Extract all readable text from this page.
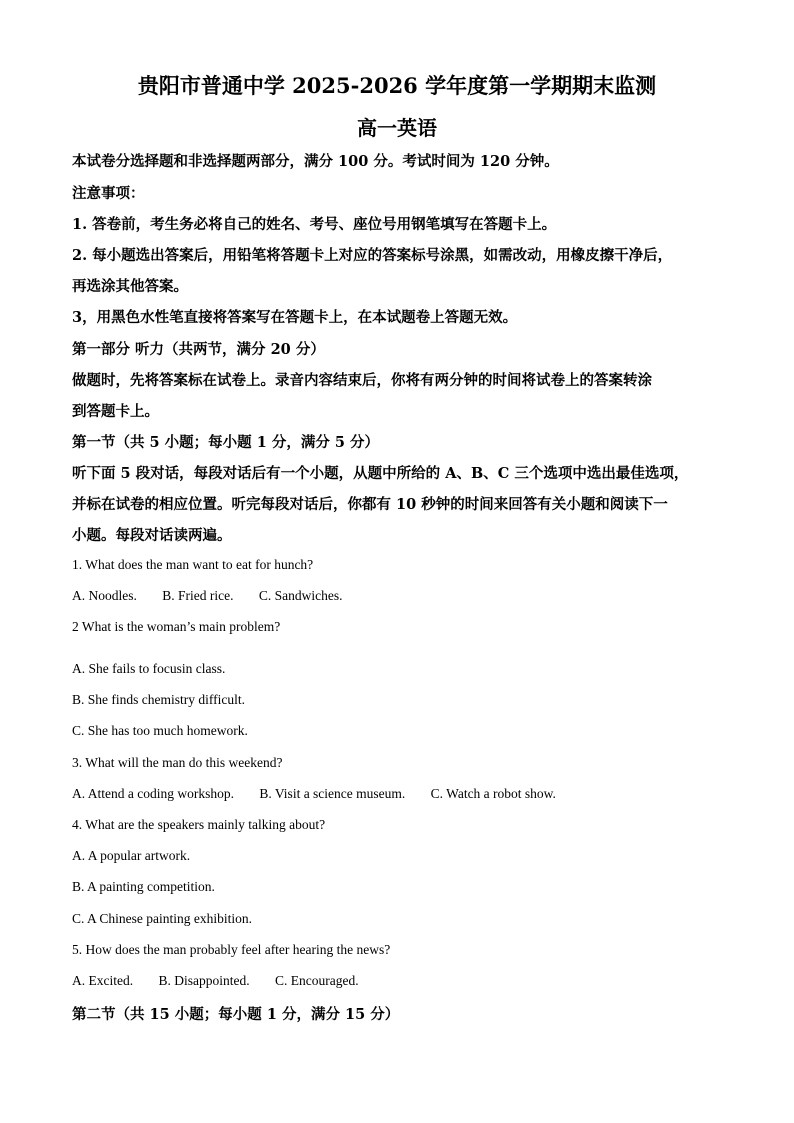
贵阳市普通中学 2025-2026 学年度第一学期期末监测
高一英语
本试卷分选择题和非选择题两部分，满分 100 分。考试时间为 120 分钟。
注意事项：
1. 答卷前，考生务必将自己的姓名、考号、座位号用钢笔填写在答题卡上。
2. 每小题选出答案后，用铅笔将答题卡上对应的答案标号涂黑，如需改动，用橡皮擦干净后，
再选涂其他答案。
3，用黑色水性笔直接将答案写在答题卡上，在本试题卷上答题无效。
第一部分 听力（共两节，满分 20 分）
做题时，先将答案标在试卷上。录音内容结束后，你将有两分钟的时间将试卷上的答案转涂
到答题卡上。
第一节（共 5 小题；每小题 1 分，满分 5 分）
听下面 5 段对话，每段对话后有一个小题，从题中所给的 A、B、C 三个选项中选出最佳选项，
并标在试卷的相应位置。听完每段对话后，你都有 10 秒钟的时间来回答有关小题和阅读下一
小题。每段对话读两遍。
1. What does the man want to eat for hunch?
A. Noodles. B. Fried rice. C. Sandwiches.
2 What is the woman’s main problem?
A. She fails to focusin class.
B. She finds chemistry difficult.
C. She has too much homework.
3. What will the man do this weekend?
A. Attend a coding workshop. B. Visit a science museum. C. Watch a robot show.
4. What are the speakers mainly talking about?
A. A popular artwork.
B. A painting competition.
C. A Chinese painting exhibition.
5. How does the man probably feel after hearing the news?
A. Excited. B. Disappointed. C. Encouraged.
第二节（共 15 小题；每小题 1 分，满分 15 分）
